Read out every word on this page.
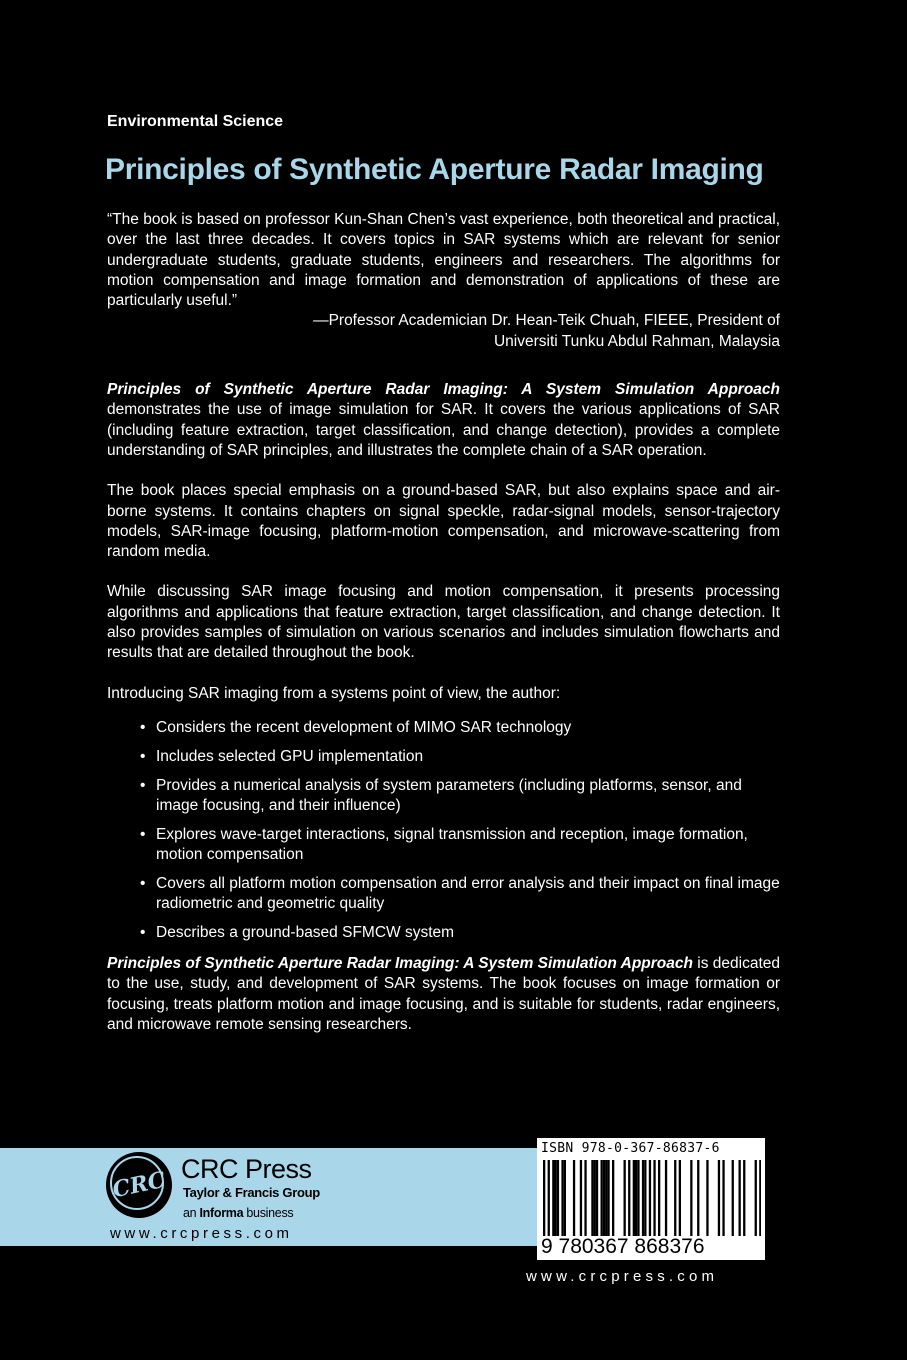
Environmental Science

Principles of Synthetic Aperture Radar Imaging

“The book is based on professor Kun-Shan Chen’s vast experience, both theoretical and practical, over the last three decades. It covers topics in SAR systems which are relevant for senior undergraduate students, graduate students, engineers and researchers. The algorithms for motion compensation and image formation and demonstration of applications of these are particularly useful.”

—Professor Academician Dr. Hean-Teik Chuah, FIEEE, President of

Universiti Tunku Abdul Rahman, Malaysia

Principles of Synthetic Aperture Radar Imaging: A System Simulation Approach demonstrates the use of image simulation for SAR. It covers the various applications of SAR (including feature extraction, target classification, and change detection), provides a complete understanding of SAR principles, and illustrates the complete chain of a SAR operation.

The book places special emphasis on a ground-based SAR, but also explains space and air-borne systems. It contains chapters on signal speckle, radar-signal models, sensor-trajectory models, SAR-image focusing, platform-motion compensation, and microwave-scattering from random media.

While discussing SAR image focusing and motion compensation, it presents processing algorithms and applications that feature extraction, target classification, and change detection. It also provides samples of simulation on various scenarios and includes simulation flowcharts and results that are detailed throughout the book.

Introducing SAR imaging from a systems point of view, the author:

• Considers the recent development of MIMO SAR technology
• Includes selected GPU implementation
• Provides a numerical analysis of system parameters (including platforms, sensor, and image focusing, and their influence)
• Explores wave-target interactions, signal transmission and reception, image formation, motion compensation
• Covers all platform motion compensation and error analysis and their impact on final image radiometric and geometric quality
• Describes a ground-based SFMCW system

Principles of Synthetic Aperture Radar Imaging: A System Simulation Approach is dedicated to the use, study, and development of SAR systems. The book focuses on image formation or focusing, treats platform motion and image focusing, and is suitable for students, radar engineers, and microwave remote sensing researchers.

CRC CRC Press
Taylor & Francis Group
an Informa business
www.crcpress.com
ISBN 978-0-367-86837-6
9 780367 868376
www.crcpress.com
